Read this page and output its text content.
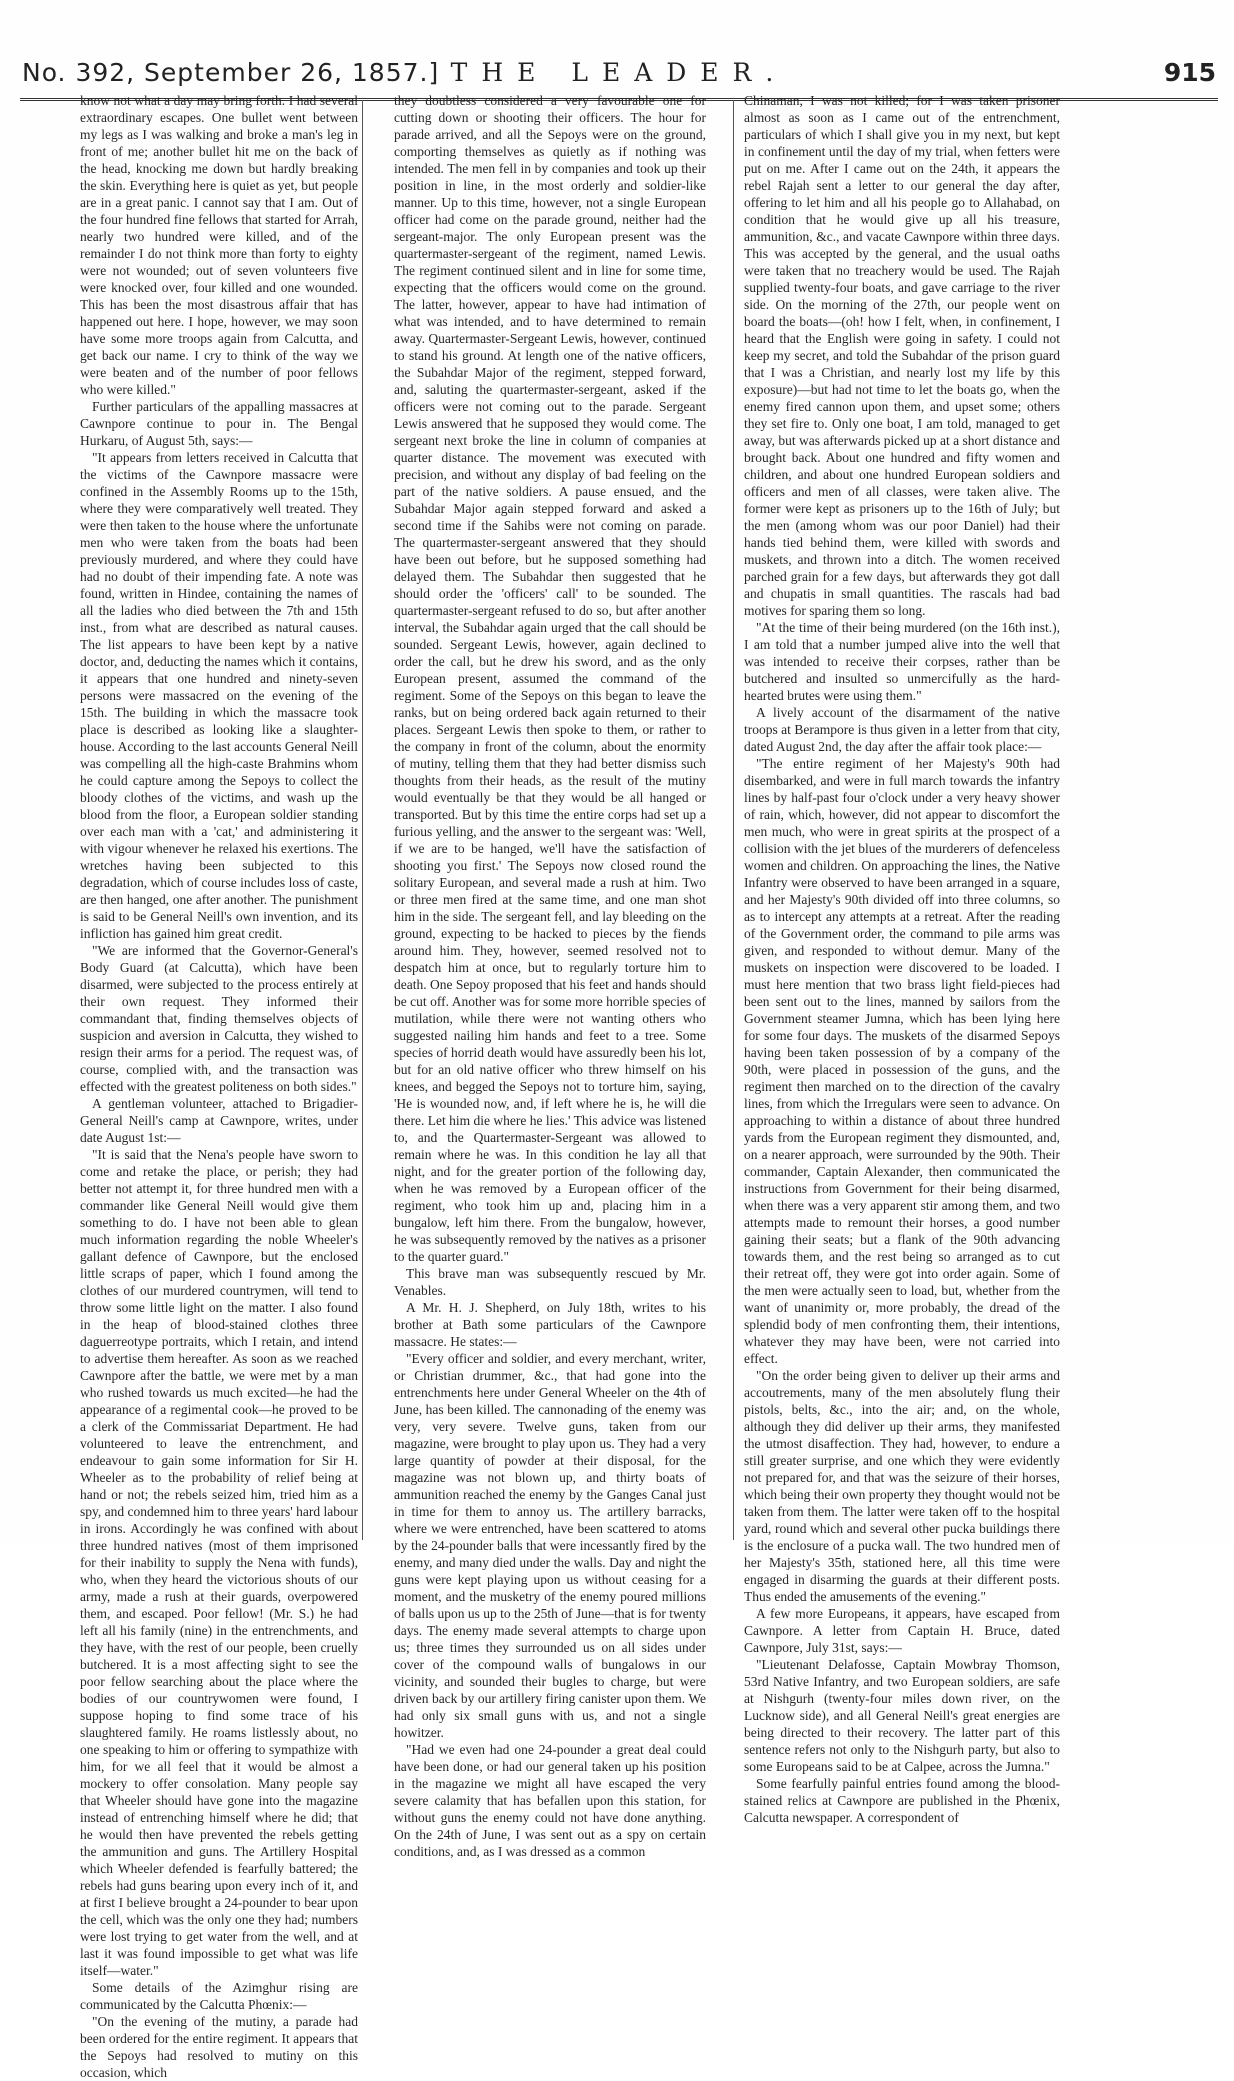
No. 392, September 26, 1857.] THE LEADER.	915

know not what a day may bring forth. I had several extraordinary escapes. One bullet went between my legs as I was walking and broke a man's leg in front of me; another bullet hit me on the back of the head, knocking me down but hardly breaking the skin. Everything here is quiet as yet, but people are in a great panic. I cannot say that I am. Out of the four hundred fine fellows that started for Arrah, nearly two hundred were killed, and of the remainder I do not think more than forty to eighty were not wounded; out of seven volunteers five were knocked over, four killed and one wounded. This has been the most disastrous affair that has happened out here. I hope, however, we may soon have some more troops again from Calcutta, and get back our name. I cry to think of the way we were beaten and of the number of poor fellows who were killed."

Further particulars of the appalling massacres at Cawnpore continue to pour in. The Bengal Hurkaru, of August 5th, says:—

"It appears from letters received in Calcutta that the victims of the Cawnpore massacre were confined in the Assembly Rooms up to the 15th, where they were comparatively well treated. They were then taken to the house where the unfortunate men who were taken from the boats had been previously murdered, and where they could have had no doubt of their impending fate. A note was found, written in Hindee, containing the names of all the ladies who died between the 7th and 15th inst., from what are described as natural causes. The list appears to have been kept by a native doctor, and, deducting the names which it contains, it appears that one hundred and ninety-seven persons were massacred on the evening of the 15th. The building in which the massacre took place is described as looking like a slaughter-house. According to the last accounts General Neill was compelling all the high-caste Brahmins whom he could capture among the Sepoys to collect the bloody clothes of the victims, and wash up the blood from the floor, a European soldier standing over each man with a 'cat,' and administering it with vigour whenever he relaxed his exertions. The wretches having been subjected to this degradation, which of course includes loss of caste, are then hanged, one after another. The punishment is said to be General Neill's own invention, and its infliction has gained him great credit.

"We are informed that the Governor-General's Body Guard (at Calcutta), which have been disarmed, were subjected to the process entirely at their own request. They informed their commandant that, finding themselves objects of suspicion and aversion in Calcutta, they wished to resign their arms for a period. The request was, of course, complied with, and the transaction was effected with the greatest politeness on both sides."

A gentleman volunteer, attached to Brigadier-General Neill's camp at Cawnpore, writes, under date August 1st:—

"It is said that the Nena's people have sworn to come and retake the place, or perish; they had better not attempt it, for three hundred men with a commander like General Neill would give them something to do. I have not been able to glean much information regarding the noble Wheeler's gallant defence of Cawnpore, but the enclosed little scraps of paper, which I found among the clothes of our murdered countrymen, will tend to throw some little light on the matter. I also found in the heap of blood-stained clothes three daguerreotype portraits, which I retain, and intend to advertise them hereafter. As soon as we reached Cawnpore after the battle, we were met by a man who rushed towards us much excited—he had the appearance of a regimental cook—he proved to be a clerk of the Commissariat Department. He had volunteered to leave the entrenchment, and endeavour to gain some information for Sir H. Wheeler as to the probability of relief being at hand or not; the rebels seized him, tried him as a spy, and condemned him to three years' hard labour in irons. Accordingly he was confined with about three hundred natives (most of them imprisoned for their inability to supply the Nena with funds), who, when they heard the victorious shouts of our army, made a rush at their guards, overpowered them, and escaped. Poor fellow! (Mr. S.) he had left all his family (nine) in the entrenchments, and they have, with the rest of our people, been cruelly butchered. It is a most affecting sight to see the poor fellow searching about the place where the bodies of our countrywomen were found, I suppose hoping to find some trace of his slaughtered family. He roams listlessly about, no one speaking to him or offering to sympathize with him, for we all feel that it would be almost a mockery to offer consolation. Many people say that Wheeler should have gone into the magazine instead of entrenching himself where he did; that he would then have prevented the rebels getting the ammunition and guns. The Artillery Hospital which Wheeler defended is fearfully battered; the rebels had guns bearing upon every inch of it, and at first I believe brought a 24-pounder to bear upon the cell, which was the only one they had; numbers were lost trying to get water from the well, and at last it was found impossible to get what was life itself—water."

Some details of the Azimghur rising are communicated by the Calcutta Phœnix:—

"On the evening of the mutiny, a parade had been ordered for the entire regiment. It appears that the Sepoys had resolved to mutiny on this occasion, which

they doubtless considered a very favourable one for cutting down or shooting their officers. The hour for parade arrived, and all the Sepoys were on the ground, comporting themselves as quietly as if nothing was intended. The men fell in by companies and took up their position in line, in the most orderly and soldier-like manner. Up to this time, however, not a single European officer had come on the parade ground, neither had the sergeant-major. The only European present was the quartermaster-sergeant of the regiment, named Lewis. The regiment continued silent and in line for some time, expecting that the officers would come on the ground. The latter, however, appear to have had intimation of what was intended, and to have determined to remain away. Quartermaster-Sergeant Lewis, however, continued to stand his ground. At length one of the native officers, the Subahdar Major of the regiment, stepped forward, and, saluting the quartermaster-sergeant, asked if the officers were not coming out to the parade. Sergeant Lewis answered that he supposed they would come. The sergeant next broke the line in column of companies at quarter distance. The movement was executed with precision, and without any display of bad feeling on the part of the native soldiers. A pause ensued, and the Subahdar Major again stepped forward and asked a second time if the Sahibs were not coming on parade. The quartermaster-sergeant answered that they should have been out before, but he supposed something had delayed them. The Subahdar then suggested that he should order the 'officers' call' to be sounded. The quartermaster-sergeant refused to do so, but after another interval, the Subahdar again urged that the call should be sounded. Sergeant Lewis, however, again declined to order the call, but he drew his sword, and as the only European present, assumed the command of the regiment. Some of the Sepoys on this began to leave the ranks, but on being ordered back again returned to their places. Sergeant Lewis then spoke to them, or rather to the company in front of the column, about the enormity of mutiny, telling them that they had better dismiss such thoughts from their heads, as the result of the mutiny would eventually be that they would be all hanged or transported. But by this time the entire corps had set up a furious yelling, and the answer to the sergeant was: 'Well, if we are to be hanged, we'll have the satisfaction of shooting you first.' The Sepoys now closed round the solitary European, and several made a rush at him. Two or three men fired at the same time, and one man shot him in the side. The sergeant fell, and lay bleeding on the ground, expecting to be hacked to pieces by the fiends around him. They, however, seemed resolved not to despatch him at once, but to regularly torture him to death. One Sepoy proposed that his feet and hands should be cut off. Another was for some more horrible species of mutilation, while there were not wanting others who suggested nailing him hands and feet to a tree. Some species of horrid death would have assuredly been his lot, but for an old native officer who threw himself on his knees, and begged the Sepoys not to torture him, saying, 'He is wounded now, and, if left where he is, he will die there. Let him die where he lies.' This advice was listened to, and the Quartermaster-Sergeant was allowed to remain where he was. In this condition he lay all that night, and for the greater portion of the following day, when he was removed by a European officer of the regiment, who took him up and, placing him in a bungalow, left him there. From the bungalow, however, he was subsequently removed by the natives as a prisoner to the quarter guard."

This brave man was subsequently rescued by Mr. Venables.

A Mr. H. J. Shepherd, on July 18th, writes to his brother at Bath some particulars of the Cawnpore massacre. He states:—

"Every officer and soldier, and every merchant, writer, or Christian drummer, &c., that had gone into the entrenchments here under General Wheeler on the 4th of June, has been killed. The cannonading of the enemy was very, very severe. Twelve guns, taken from our magazine, were brought to play upon us. They had a very large quantity of powder at their disposal, for the magazine was not blown up, and thirty boats of ammunition reached the enemy by the Ganges Canal just in time for them to annoy us. The artillery barracks, where we were entrenched, have been scattered to atoms by the 24-pounder balls that were incessantly fired by the enemy, and many died under the walls. Day and night the guns were kept playing upon us without ceasing for a moment, and the musketry of the enemy poured millions of balls upon us up to the 25th of June—that is for twenty days. The enemy made several attempts to charge upon us; three times they surrounded us on all sides under cover of the compound walls of bungalows in our vicinity, and sounded their bugles to charge, but were driven back by our artillery firing canister upon them. We had only six small guns with us, and not a single howitzer.

"Had we even had one 24-pounder a great deal could have been done, or had our general taken up his position in the magazine we might all have escaped the very severe calamity that has befallen upon this station, for without guns the enemy could not have done anything. On the 24th of June, I was sent out as a spy on certain conditions, and, as I was dressed as a common

Chinaman, I was not killed; for I was taken prisoner almost as soon as I came out of the entrenchment, particulars of which I shall give you in my next, but kept in confinement until the day of my trial, when fetters were put on me. After I came out on the 24th, it appears the rebel Rajah sent a letter to our general the day after, offering to let him and all his people go to Allahabad, on condition that he would give up all his treasure, ammunition, &c., and vacate Cawnpore within three days. This was accepted by the general, and the usual oaths were taken that no treachery would be used. The Rajah supplied twenty-four boats, and gave carriage to the river side. On the morning of the 27th, our people went on board the boats—(oh! how I felt, when, in confinement, I heard that the English were going in safety. I could not keep my secret, and told the Subahdar of the prison guard that I was a Christian, and nearly lost my life by this exposure)—but had not time to let the boats go, when the enemy fired cannon upon them, and upset some; others they set fire to. Only one boat, I am told, managed to get away, but was afterwards picked up at a short distance and brought back. About one hundred and fifty women and children, and about one hundred European soldiers and officers and men of all classes, were taken alive. The former were kept as prisoners up to the 16th of July; but the men (among whom was our poor Daniel) had their hands tied behind them, were killed with swords and muskets, and thrown into a ditch. The women received parched grain for a few days, but afterwards they got dall and chupatis in small quantities. The rascals had bad motives for sparing them so long.

"At the time of their being murdered (on the 16th inst.), I am told that a number jumped alive into the well that was intended to receive their corpses, rather than be butchered and insulted so unmercifully as the hard-hearted brutes were using them."

A lively account of the disarmament of the native troops at Berampore is thus given in a letter from that city, dated August 2nd, the day after the affair took place:—

"The entire regiment of her Majesty's 90th had disembarked, and were in full march towards the infantry lines by half-past four o'clock under a very heavy shower of rain, which, however, did not appear to discomfort the men much, who were in great spirits at the prospect of a collision with the jet blues of the murderers of defenceless women and children. On approaching the lines, the Native Infantry were observed to have been arranged in a square, and her Majesty's 90th divided off into three columns, so as to intercept any attempts at a retreat. After the reading of the Government order, the command to pile arms was given, and responded to without demur. Many of the muskets on inspection were discovered to be loaded. I must here mention that two brass light field-pieces had been sent out to the lines, manned by sailors from the Government steamer Jumna, which has been lying here for some four days. The muskets of the disarmed Sepoys having been taken possession of by a company of the 90th, were placed in possession of the guns, and the regiment then marched on to the direction of the cavalry lines, from which the Irregulars were seen to advance. On approaching to within a distance of about three hundred yards from the European regiment they dismounted, and, on a nearer approach, were surrounded by the 90th. Their commander, Captain Alexander, then communicated the instructions from Government for their being disarmed, when there was a very apparent stir among them, and two attempts made to remount their horses, a good number gaining their seats; but a flank of the 90th advancing towards them, and the rest being so arranged as to cut their retreat off, they were got into order again. Some of the men were actually seen to load, but, whether from the want of unanimity or, more probably, the dread of the splendid body of men confronting them, their intentions, whatever they may have been, were not carried into effect.

"On the order being given to deliver up their arms and accoutrements, many of the men absolutely flung their pistols, belts, &c., into the air; and, on the whole, although they did deliver up their arms, they manifested the utmost disaffection. They had, however, to endure a still greater surprise, and one which they were evidently not prepared for, and that was the seizure of their horses, which being their own property they thought would not be taken from them. The latter were taken off to the hospital yard, round which and several other pucka buildings there is the enclosure of a pucka wall. The two hundred men of her Majesty's 35th, stationed here, all this time were engaged in disarming the guards at their different posts. Thus ended the amusements of the evening."

A few more Europeans, it appears, have escaped from Cawnpore. A letter from Captain H. Bruce, dated Cawnpore, July 31st, says:—

"Lieutenant Delafosse, Captain Mowbray Thomson, 53rd Native Infantry, and two European soldiers, are safe at Nishgurh (twenty-four miles down river, on the Lucknow side), and all General Neill's great energies are being directed to their recovery. The latter part of this sentence refers not only to the Nishgurh party, but also to some Europeans said to be at Calpee, across the Jumna."

Some fearfully painful entries found among the blood-stained relics at Cawnpore are published in the Phœnix, Calcutta newspaper. A correspondent of
